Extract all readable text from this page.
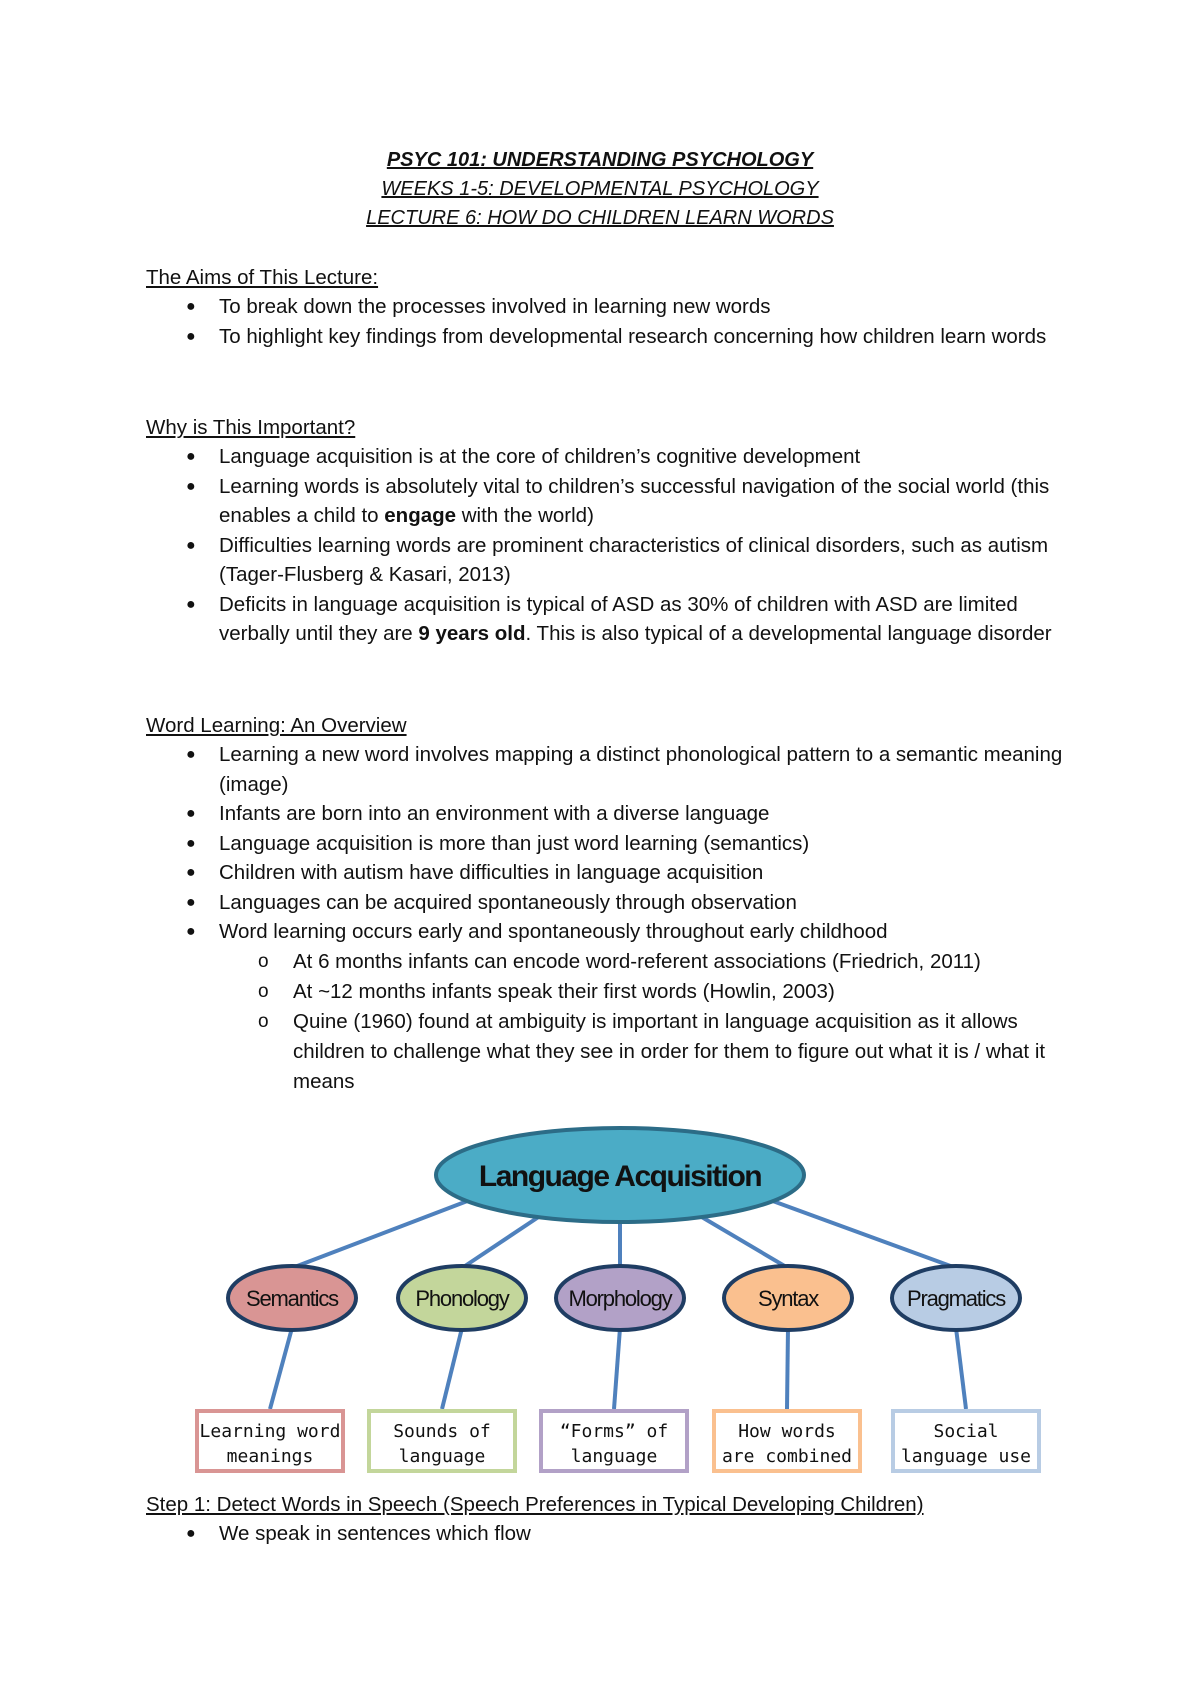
PSYC 101: UNDERSTANDING PSYCHOLOGY
WEEKS 1-5: DEVELOPMENTAL PSYCHOLOGY
LECTURE 6: HOW DO CHILDREN LEARN WORDS
The Aims of This Lecture:
● To break down the processes involved in learning new words
● To highlight key findings from developmental research concerning how children learn words
Why is This Important?
● Language acquisition is at the core of children’s cognitive development
● Learning words is absolutely vital to children’s successful navigation of the social world (this enables a child to engage with the world)
● Difficulties learning words are prominent characteristics of clinical disorders, such as autism (Tager-Flusberg & Kasari, 2013)
● Deficits in language acquisition is typical of ASD as 30% of children with ASD are limited verbally until they are 9 years old. This is also typical of a developmental language disorder
Word Learning: An Overview
● Learning a new word involves mapping a distinct phonological pattern to a semantic meaning (image)
● Infants are born into an environment with a diverse language
● Language acquisition is more than just word learning (semantics)
● Children with autism have difficulties in language acquisition
● Languages can be acquired spontaneously through observation
● Word learning occurs early and spontaneously throughout early childhood
o At 6 months infants can encode word-referent associations (Friedrich, 2011)
o At ~12 months infants speak their first words (Howlin, 2003)
o Quine (1960) found at ambiguity is important in language acquisition as it allows children to challenge what they see in order for them to figure out what it is / what it means
Language Acquisition
Semantics	Phonology	Morphology	Syntax	Pragmatics
Learning word
meanings
Sounds of
language
“Forms” of
language
How words
are combined
Social
language use
Step 1: Detect Words in Speech (Speech Preferences in Typical Developing Children)
● We speak in sentences which flow
